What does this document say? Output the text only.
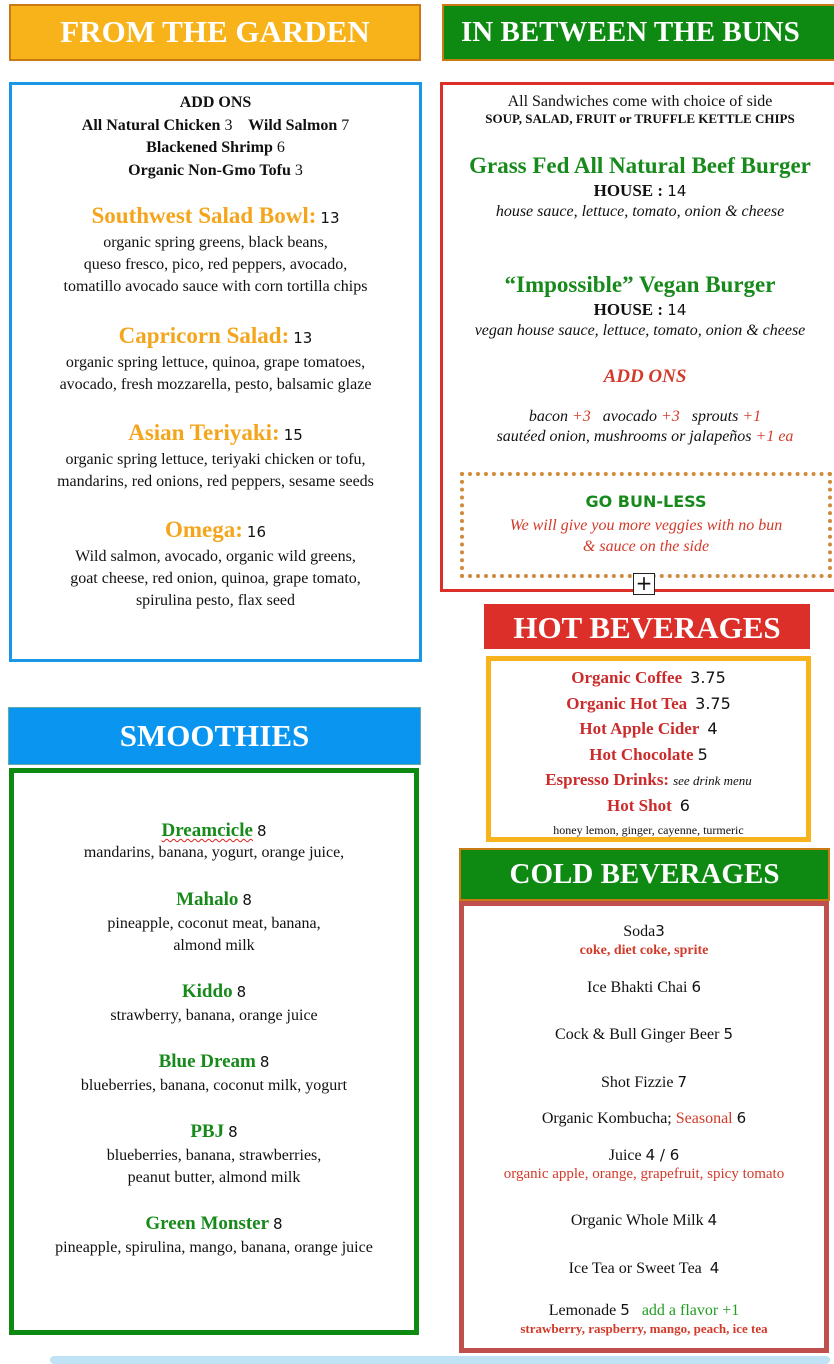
FROM THE GARDEN

ADD ONS

All Natural Chicken 3 Wild Salmon 7

Blackened Shrimp 6

Organic Non-Gmo Tofu 3

Southwest Salad Bowl: 13

organic spring greens, black beans,

queso fresco, pico, red peppers, avocado,

tomatillo avocado sauce with corn tortilla chips

Capricorn Salad: 13

organic spring lettuce, quinoa, grape tomatoes,

avocado, fresh mozzarella, pesto, balsamic glaze

Asian Teriyaki: 15

organic spring lettuce, teriyaki chicken or tofu,

mandarins, red onions, red peppers, sesame seeds

Omega: 16

Wild salmon, avocado, organic wild greens,

goat cheese, red onion, quinoa, grape tomato,

spirulina pesto, flax seed

IN BETWEEN THE BUNS

All Sandwiches come with choice of side

SOUP, SALAD, FRUIT or TRUFFLE KETTLE CHIPS

Grass Fed All Natural Beef Burger

HOUSE : 14

house sauce, lettuce, tomato, onion & cheese

“Impossible” Vegan Burger

HOUSE : 14

vegan house sauce, lettuce, tomato, onion & cheese

ADD ONS

bacon +3 avocado +3 sprouts +1

sautéed onion, mushrooms or jalapeños +1 ea

GO BUN-LESS

We will give you more veggies with no bun

& sauce on the side

+
HOT BEVERAGES

Organic Coffee 3.75

Organic Hot Tea 3.75

Hot Apple Cider 4

Hot Chocolate 5

Espresso Drinks: see drink menu

Hot Shot 6

honey lemon, ginger, cayenne, turmeric

SMOOTHIES

Dreamcicle 8

mandarins, banana, yogurt, orange juice,

Mahalo 8

pineapple, coconut meat, banana,

almond milk

Kiddo 8

strawberry, banana, orange juice

Blue Dream 8

blueberries, banana, coconut milk, yogurt

PBJ 8

blueberries, banana, strawberries,

peanut butter, almond milk

Green Monster 8

pineapple, spirulina, mango, banana, orange juice

COLD BEVERAGES

Soda3

coke, diet coke, sprite

Ice Bhakti Chai 6

Cock & Bull Ginger Beer 5

Shot Fizzie 7

Organic Kombucha; Seasonal 6

Juice 4 / 6

organic apple, orange, grapefruit, spicy tomato

Organic Whole Milk 4

Ice Tea or Sweet Tea 4

Lemonade 5 add a flavor +1

strawberry, raspberry, mango, peach, ice tea
